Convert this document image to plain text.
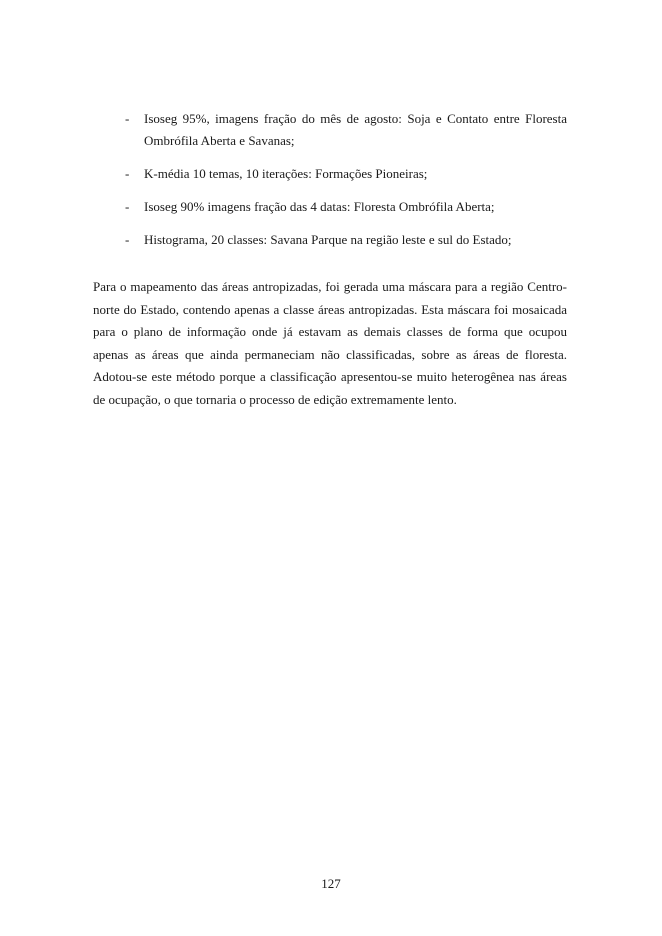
- Isoseg 95%, imagens fração do mês de agosto: Soja e Contato entre Floresta Ombrófila Aberta e Savanas;
- K-média 10 temas, 10 iterações: Formações Pioneiras;
- Isoseg 90% imagens fração das 4 datas: Floresta Ombrófila Aberta;
- Histograma, 20 classes: Savana Parque na região leste e sul do Estado;

Para o mapeamento das áreas antropizadas, foi gerada uma máscara para a região Centro-norte do Estado, contendo apenas a classe áreas antropizadas. Esta máscara foi mosaicada para o plano de informação onde já estavam as demais classes de forma que ocupou apenas as áreas que ainda permaneciam não classificadas, sobre as áreas de floresta. Adotou-se este método porque a classificação apresentou-se muito heterogênea nas áreas de ocupação, o que tornaria o processo de edição extremamente lento.

127
